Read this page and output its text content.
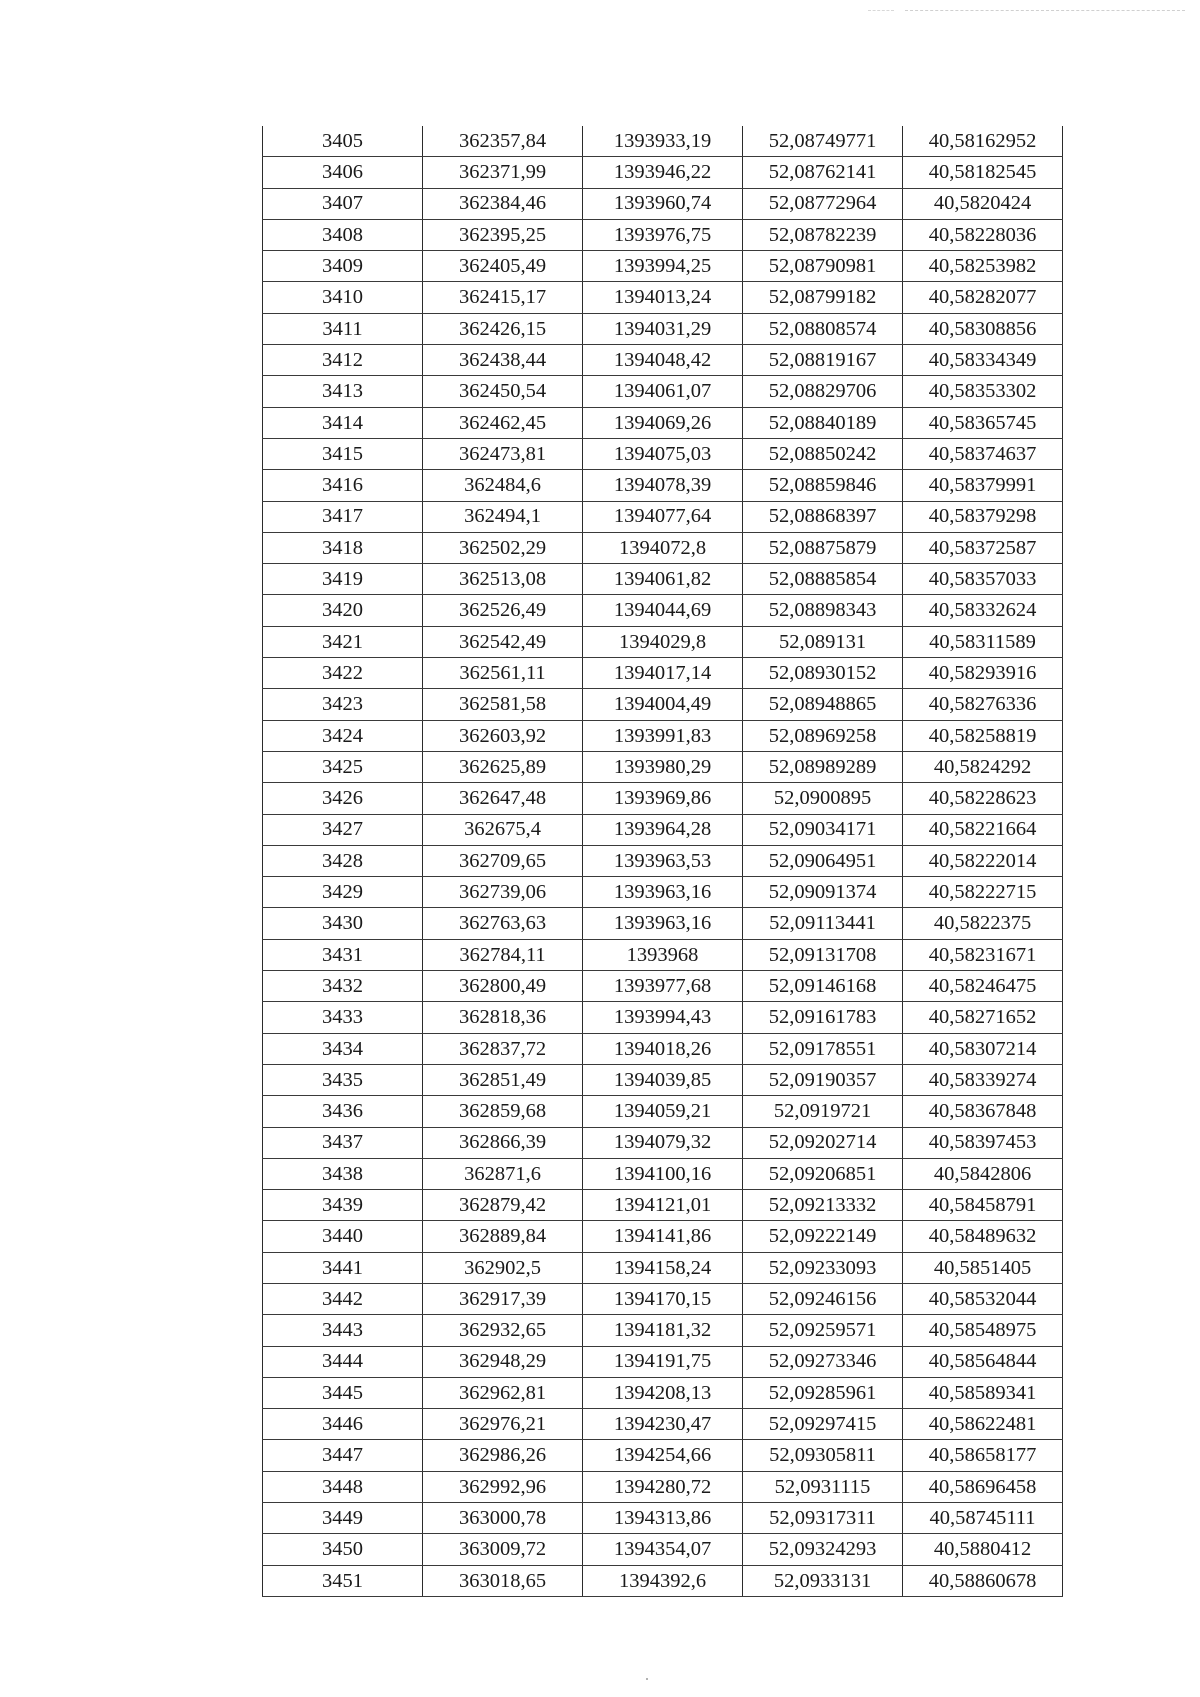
3405	362357,84	1393933,19	52,08749771	40,58162952
3406	362371,99	1393946,22	52,08762141	40,58182545
3407	362384,46	1393960,74	52,08772964	40,5820424
3408	362395,25	1393976,75	52,08782239	40,58228036
3409	362405,49	1393994,25	52,08790981	40,58253982
3410	362415,17	1394013,24	52,08799182	40,58282077
3411	362426,15	1394031,29	52,08808574	40,58308856
3412	362438,44	1394048,42	52,08819167	40,58334349
3413	362450,54	1394061,07	52,08829706	40,58353302
3414	362462,45	1394069,26	52,08840189	40,58365745
3415	362473,81	1394075,03	52,08850242	40,58374637
3416	362484,6	1394078,39	52,08859846	40,58379991
3417	362494,1	1394077,64	52,08868397	40,58379298
3418	362502,29	1394072,8	52,08875879	40,58372587
3419	362513,08	1394061,82	52,08885854	40,58357033
3420	362526,49	1394044,69	52,08898343	40,58332624
3421	362542,49	1394029,8	52,089131	40,58311589
3422	362561,11	1394017,14	52,08930152	40,58293916
3423	362581,58	1394004,49	52,08948865	40,58276336
3424	362603,92	1393991,83	52,08969258	40,58258819
3425	362625,89	1393980,29	52,08989289	40,5824292
3426	362647,48	1393969,86	52,0900895	40,58228623
3427	362675,4	1393964,28	52,09034171	40,58221664
3428	362709,65	1393963,53	52,09064951	40,58222014
3429	362739,06	1393963,16	52,09091374	40,58222715
3430	362763,63	1393963,16	52,09113441	40,5822375
3431	362784,11	1393968	52,09131708	40,58231671
3432	362800,49	1393977,68	52,09146168	40,58246475
3433	362818,36	1393994,43	52,09161783	40,58271652
3434	362837,72	1394018,26	52,09178551	40,58307214
3435	362851,49	1394039,85	52,09190357	40,58339274
3436	362859,68	1394059,21	52,0919721	40,58367848
3437	362866,39	1394079,32	52,09202714	40,58397453
3438	362871,6	1394100,16	52,09206851	40,5842806
3439	362879,42	1394121,01	52,09213332	40,58458791
3440	362889,84	1394141,86	52,09222149	40,58489632
3441	362902,5	1394158,24	52,09233093	40,5851405
3442	362917,39	1394170,15	52,09246156	40,58532044
3443	362932,65	1394181,32	52,09259571	40,58548975
3444	362948,29	1394191,75	52,09273346	40,58564844
3445	362962,81	1394208,13	52,09285961	40,58589341
3446	362976,21	1394230,47	52,09297415	40,58622481
3447	362986,26	1394254,66	52,09305811	40,58658177
3448	362992,96	1394280,72	52,0931115	40,58696458
3449	363000,78	1394313,86	52,09317311	40,58745111
3450	363009,72	1394354,07	52,09324293	40,5880412
3451	363018,65	1394392,6	52,0933131	40,58860678
